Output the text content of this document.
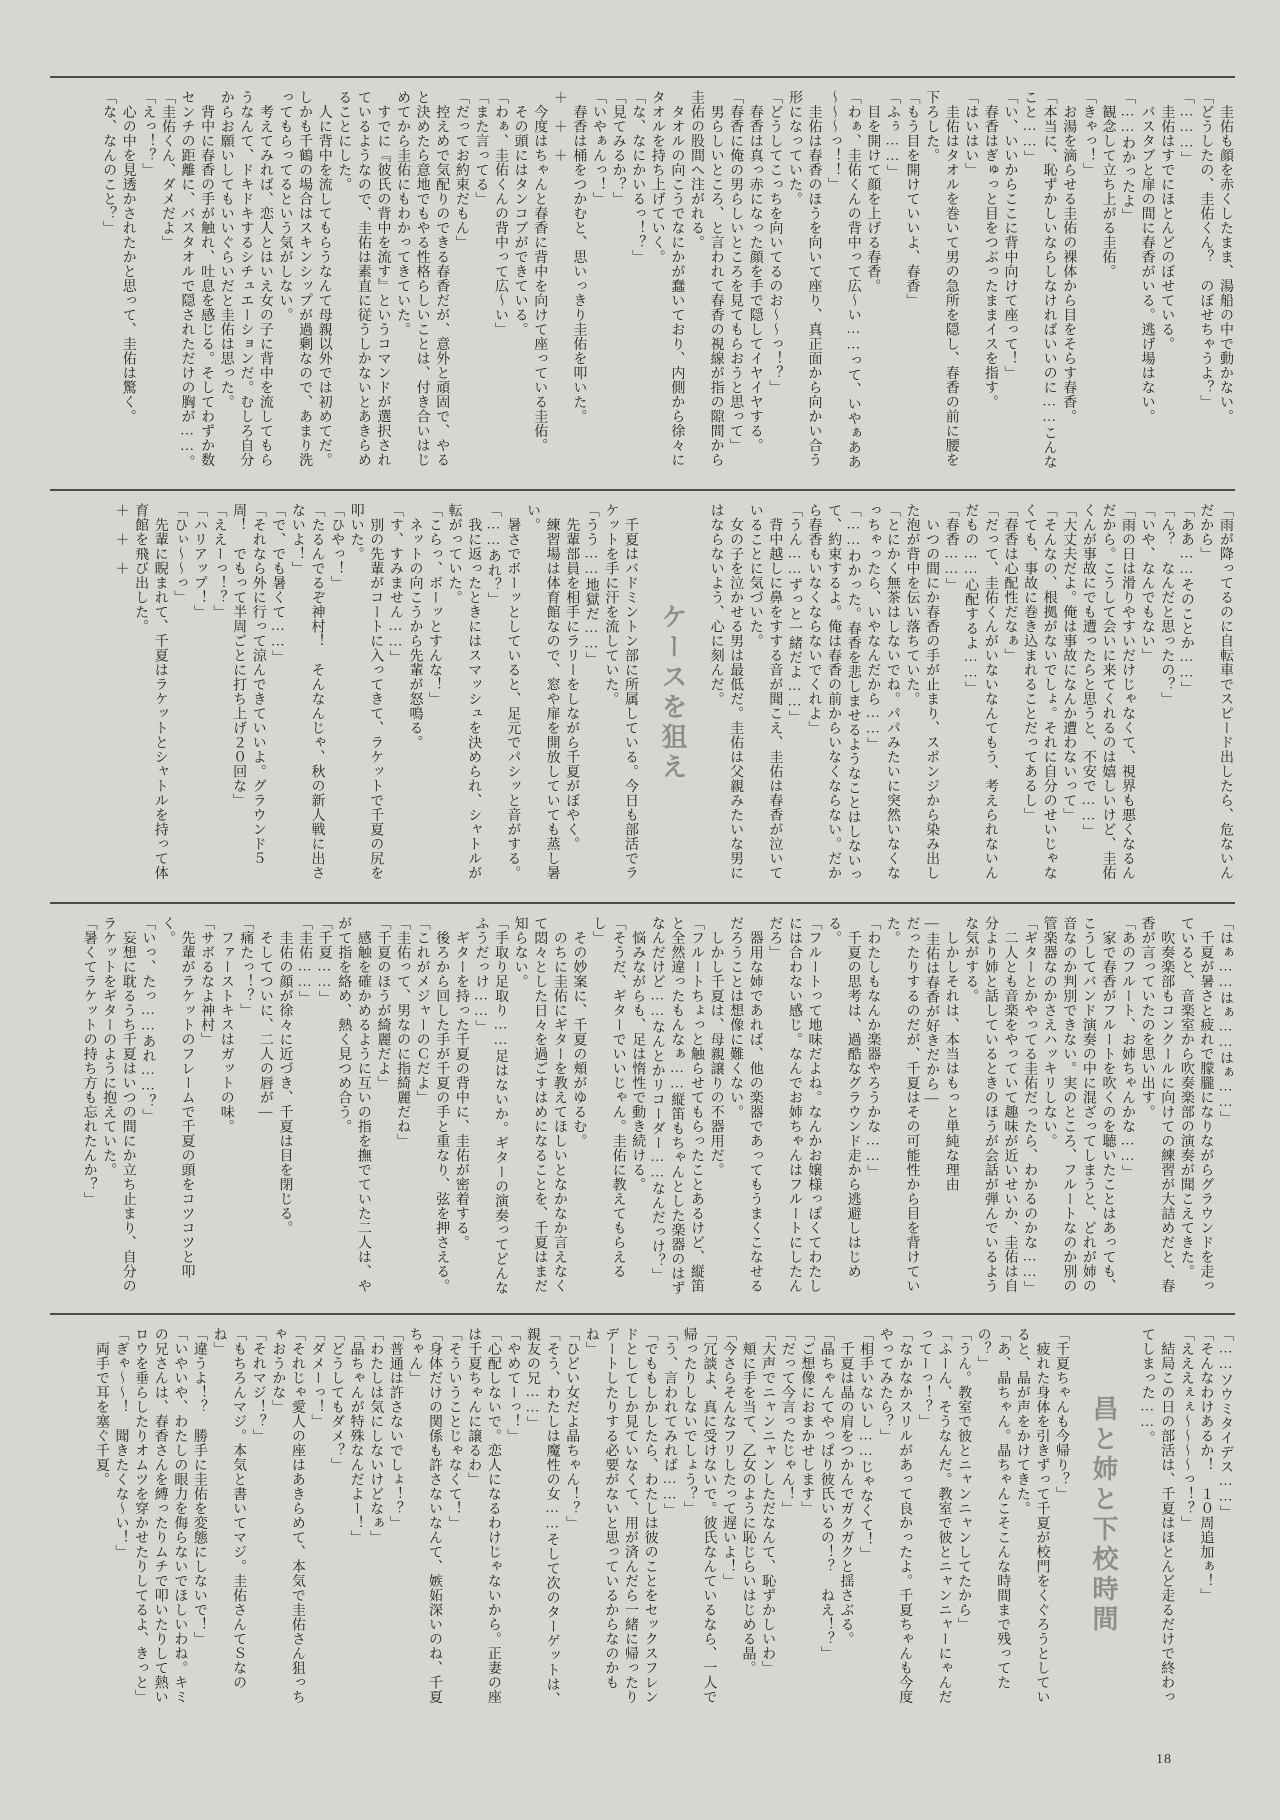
　圭佑も顔を赤くしたまま、湯船の中で動かない。

「どうしたの、圭佑くん？　のぼせちゃうよ？」

「………」

　圭佑はすでにほとんどのぼせている。

　バスタブと扉の間に春香がいる。逃げ場はない。

「……わかったよ」

　観念して立ち上がる圭佑。

「きゃっ！」

　お湯を滴らせる圭佑の裸体から目をそらす春香。

「本当に、恥ずかしいならしなければいいのに……こんなこと……」

「い、いいからここに背中向けて座って！」

　春香はぎゅっと目をつぶったままイスを指す。

「はいはい」

　圭佑はタオルを巻いて男の急所を隠し、春香の前に腰を下ろした。

「もう目を開けていいよ、春香」

「ふぅ……」

　目を開けて顔を上げる春香。

「わぁ、圭佑くんの背中って広～い……って、いやぁああ～～～っ！！」

　圭佑は春香のほうを向いて座り、真正面から向かい合う形になっていた。

「どうしてこっちを向いてるのお～～っ！？」

　春香は真っ赤になった顔を手で隠してイヤイヤする。

「春香に俺の男らしいところを見てもらおうと思って」

　男らしいところ、と言われて春香の視線が指の隙間から圭佑の股間へ注がれる。

　タオルの向こうでなにかが蠢いており、内側から徐々にタオルを持ち上げていく。

「な、なにかいるっ！？」

「見てみるか？」

「いやぁんっ！」

　春香は桶をつかむと、思いっきり圭佑を叩いた。

＋　＋　＋

　今度はちゃんと春香に背中を向けて座っている圭佑。

　その頭にはタンコブができている。

「わぁ、圭佑くんの背中って広～い」

「また言ってる」

「だってお約束だもん」

　控えめで気配りのできる春香だが、意外と頑固で、やると決めたら意地でもやる性格らしいことは、付き合いはじめてから圭佑にもわかってきていた。

　すでに『彼氏の背中を流す』というコマンドが選択されているようなので、圭佑は素直に従うしかないとあきらめることにした。

　人に背中を流してもらうなんて母親以外では初めてだ。しかも千鶴の場合はスキンシップが過剰なので、あまり洗ってもらってるという気がしない。

　考えてみれば、恋人とはいえ女の子に背中を流してもらうなんて、ドキドキするシチュエーションだ。むしろ自分からお願いしてもいいぐらいだと圭佑は思った。

　背中に春香の手が触れ、吐息を感じる。そしてわずか数センチの距離に、バスタオルで隠されただけの胸が……。

「圭佑くん、ダメだよ」

「えっ！？」

　心の中を見透かされたかと思って、圭佑は驚く。

「な、なんのこと？」

「雨が降ってるのに自転車でスピード出したら、危ないんだから」

「ああ……そのことか……」

「ん？　なんだと思ったの？」

「いや、なんでもない」

「雨の日は滑りやすいだけじゃなくて、視界も悪くなるんだから。こうして会いに来てくれるのは嬉しいけど、圭佑くんが事故にでも遭ったらと思うと、不安で……」

「大丈夫だよ。俺は事故になんか遭わないって」

「そんなの、根拠がないでしょ。それに自分のせいじゃなくても、事故に巻き込まれることだってあるし」

「春香は心配性だなぁ」

「だって、圭佑くんがいないなんてもう、考えられないんだもの……心配するよ……」

「春香……」

　いつの間にか春香の手が止まり、スポンジから染み出した泡が背中を伝い落ちていた。

「とにかく無茶はしないでね。パパみたいに突然いなくなっちゃったら、いやなんだから……」

「……わかった。春香を悲しませるようなことはしないって、約束するよ。俺は春香の前からいなくならない。だから春香もいなくならないでくれよ」

「うん……ずっと一緒だよ……」

　背中越しに鼻をすする音が聞こえ、圭佑は春香が泣いていることに気づいた。

　女の子を泣かせる男は最低だ。圭佑は父親みたいな男にはならないよう、心に刻んだ。

ケースを狙え

　千夏はバドミントン部に所属している。今日も部活でラケットを手に汗を流していた。

「うう……地獄だ……」

　先輩部員を相手にラリーをしながら千夏がぼやく。

　練習場は体育館なので、窓や扉を開放していても蒸し暑い。

　暑さでボーッとしていると、足元でパシッと音がする。

「……あれ？」

　我に返ったときにはスマッシュを決められ、シャトルが転がっていた。

「こらっ、ボーッとすんな！」

　ネットの向こうから先輩が怒鳴る。

「す、すみません……」

　別の先輩がコートに入ってきて、ラケットで千夏の尻を叩いた。

「ひやっ！」

「たるんでるぞ神村！　そんなんじゃ、秋の新人戦に出さないよ！」

「で、でも暑くて……」

「それなら外に行って涼んできていいよ。グラウンド５周！　でもって半周ごとに打ち上げ２０回な」

「ええーっ！？」

「ハリアップ！」

「ひぃ～～っ」

　先輩に睨まれて、千夏はラケットとシャトルを持って体育館を飛び出した。

＋　＋　＋

「はぁ……はぁ……はぁ……」

　千夏が暑さと疲れで朦朧になりながらグラウンドを走っていると、音楽室から吹奏楽部の演奏が聞こえてきた。

　吹奏楽部もコンクールに向けての練習が大詰めだと、春香が言っていたのを思い出す。

「あのフルート、お姉ちゃんかな……」

　家で春香がフルートを吹くのを聴いたことはあっても、こうしてバンド演奏の中に混ざってしまうと、どれが姉の音なのか判別できない。実のところ、フルートなのか別の管楽器なのかさえハッキリしない。

「ギターとかやってる圭佑だったら、わかるのかな……」

　二人とも音楽をやっていて趣味が近いせいか、圭佑は自分より姉と話しているときのほうが会話が弾んでいるような気がする。

　しかしそれは、本当はもっと単純な理由

―圭佑は春香が好きだから―

だったりするのだが、千夏はその可能性から目を背けていた。

「わたしもなんか楽器やろうかな……」

　千夏の思考は、過酷なグラウンド走から逃避しはじめる。

「フルートって地味だよね。なんかお嬢様っぽくてわたしには合わない感じ。なんでお姉ちゃんはフルートにしたんだろ」

　器用な姉であれば、他の楽器であってもうまくこなせるだろうことは想像に難くない。

　しかし千夏は、母親譲りの不器用だ。

「フルートちょっと触らせてもらったことあるけど、縦笛と全然違ったもんなぁ……縦笛もちゃんとした楽器のはずなんだけど……なんとかリコーダー……なんだっけ？」

　悩みながらも、足は惰性で動き続ける。

「そうだ、ギターでいいじゃん。圭佑に教えてもらえるし」

　その妙案に、千夏の頬がゆるむ。

　のちに圭佑にギターを教えてほしいとなかなか言えなくて悶々とした日々を過ごすはめになることを、千夏はまだ知らない。

「手取り足取り……足はないか。ギターの演奏ってどんなふうだっけ……」

　ギターを持った千夏の背中に、圭佑が密着する。

　後ろから回した手が千夏の手と重なり、弦を押さえる。

「これがメジャーのＣだよ」

「圭佑って、男なのに指綺麗だね」

「千夏のほうが綺麗だよ」

　感触を確かめるように互いの指を撫でていた二人は、やがて指を絡め、熱く見つめ合う。

「千夏……」

「圭佑……」

　圭佑の顔が徐々に近づき、千夏は目を閉じる。

　そしてついに、二人の唇が―

「痛たっ！？」

　ファーストキスはガットの味。

「サボるなよ神村」

　先輩がラケットのフレームで千夏の頭をコツコツと叩く。

「いっ、たっ……あれ……？」

　妄想に耽るうち千夏はいつの間にか立ち止まり、自分のラケットをギターのように抱えていた。

「暑くてラケットの持ち方も忘れたんか？」

「……ソウミタイデス……」

「そんなわけあるか！　１０周追加ぁ！」

「えええぇぇ～～～～っ！？」

　結局この日の部活は、千夏はほとんど走るだけで終わってしまった……。

昌と姉と下校時間

「千夏ちゃんも今帰り？」

　疲れた身体を引きずって千夏が校門をくぐろうとしていると、晶が声をかけてきた。

「あ、晶ちゃん。晶ちゃんこそこんな時間まで残ってたの？」

「うん。教室で彼とニャンニャンしてたから」

「ふーん、そうなんだ。教室で彼とニャンニャーにゃんだってーっ！？」

「なかなかスリルがあって良かったよ。千夏ちゃんも今度やってみたら？」

「相手いないし……じゃなくて！」

　千夏は晶の肩をつかんでガクガクと揺さぶる。

「晶ちゃんてやっぱり彼氏いるの！？　ねえ！？」

「ご想像におまかせします」

「だって今言ったじゃん！」

「大声でニャンニャンしただなんて、恥ずかしいわ」

　頬に手を当て、乙女のように恥じらいはじめる晶。

「今さらそんなフリしたって遅いよ！」

「冗談よ、真に受けないで。彼氏なんているなら、一人で帰ったりしないでしょう？」

「う、言われてみれば……」

「でももしかしたら、わたしは彼のことをセックスフレンドとしてしか見ていなくて、用が済んだら一緒に帰ったりデートしたりする必要がないと思っているからなのかもね」

「ひどい女だよ晶ちゃん！？」

「そう、わたしは魔性の女……そして次のターゲットは、親友の兄……」

「やめてーっ！」

「心配しないで。恋人になるわけじゃないから。正妻の座は千夏ちゃんに譲るわ」

「そういうことじゃなくて！」

「身体だけの関係も許さないなんて、嫉妬深いのね、千夏ちゃん」

「普通は許さないでしょ！？」

「わたしは気にしないけどなぁ」

「晶ちゃんが特殊なんだよー！」

「どうしてもダメ？」

「ダメーっ！」

「それじゃ愛人の座はあきらめて、本気で圭佑さん狙っちゃおうかな」

「それマジ！？」

「もちろんマジ。本気と書いてマジ。圭佑さんてＳなのね」

「違うよ！？　勝手に圭佑を変態にしないで！」

「いやいや、わたしの眼力を侮らないでほしいわね。キミの兄さんは、春香さんを縛ったりムチで叩いたりして熱いロウを垂らしたりオムツを穿かせたりしてるよ、きっと」

「ぎゃ～～！　聞きたくな～い！」

　両手で耳を塞ぐ千夏。

18
